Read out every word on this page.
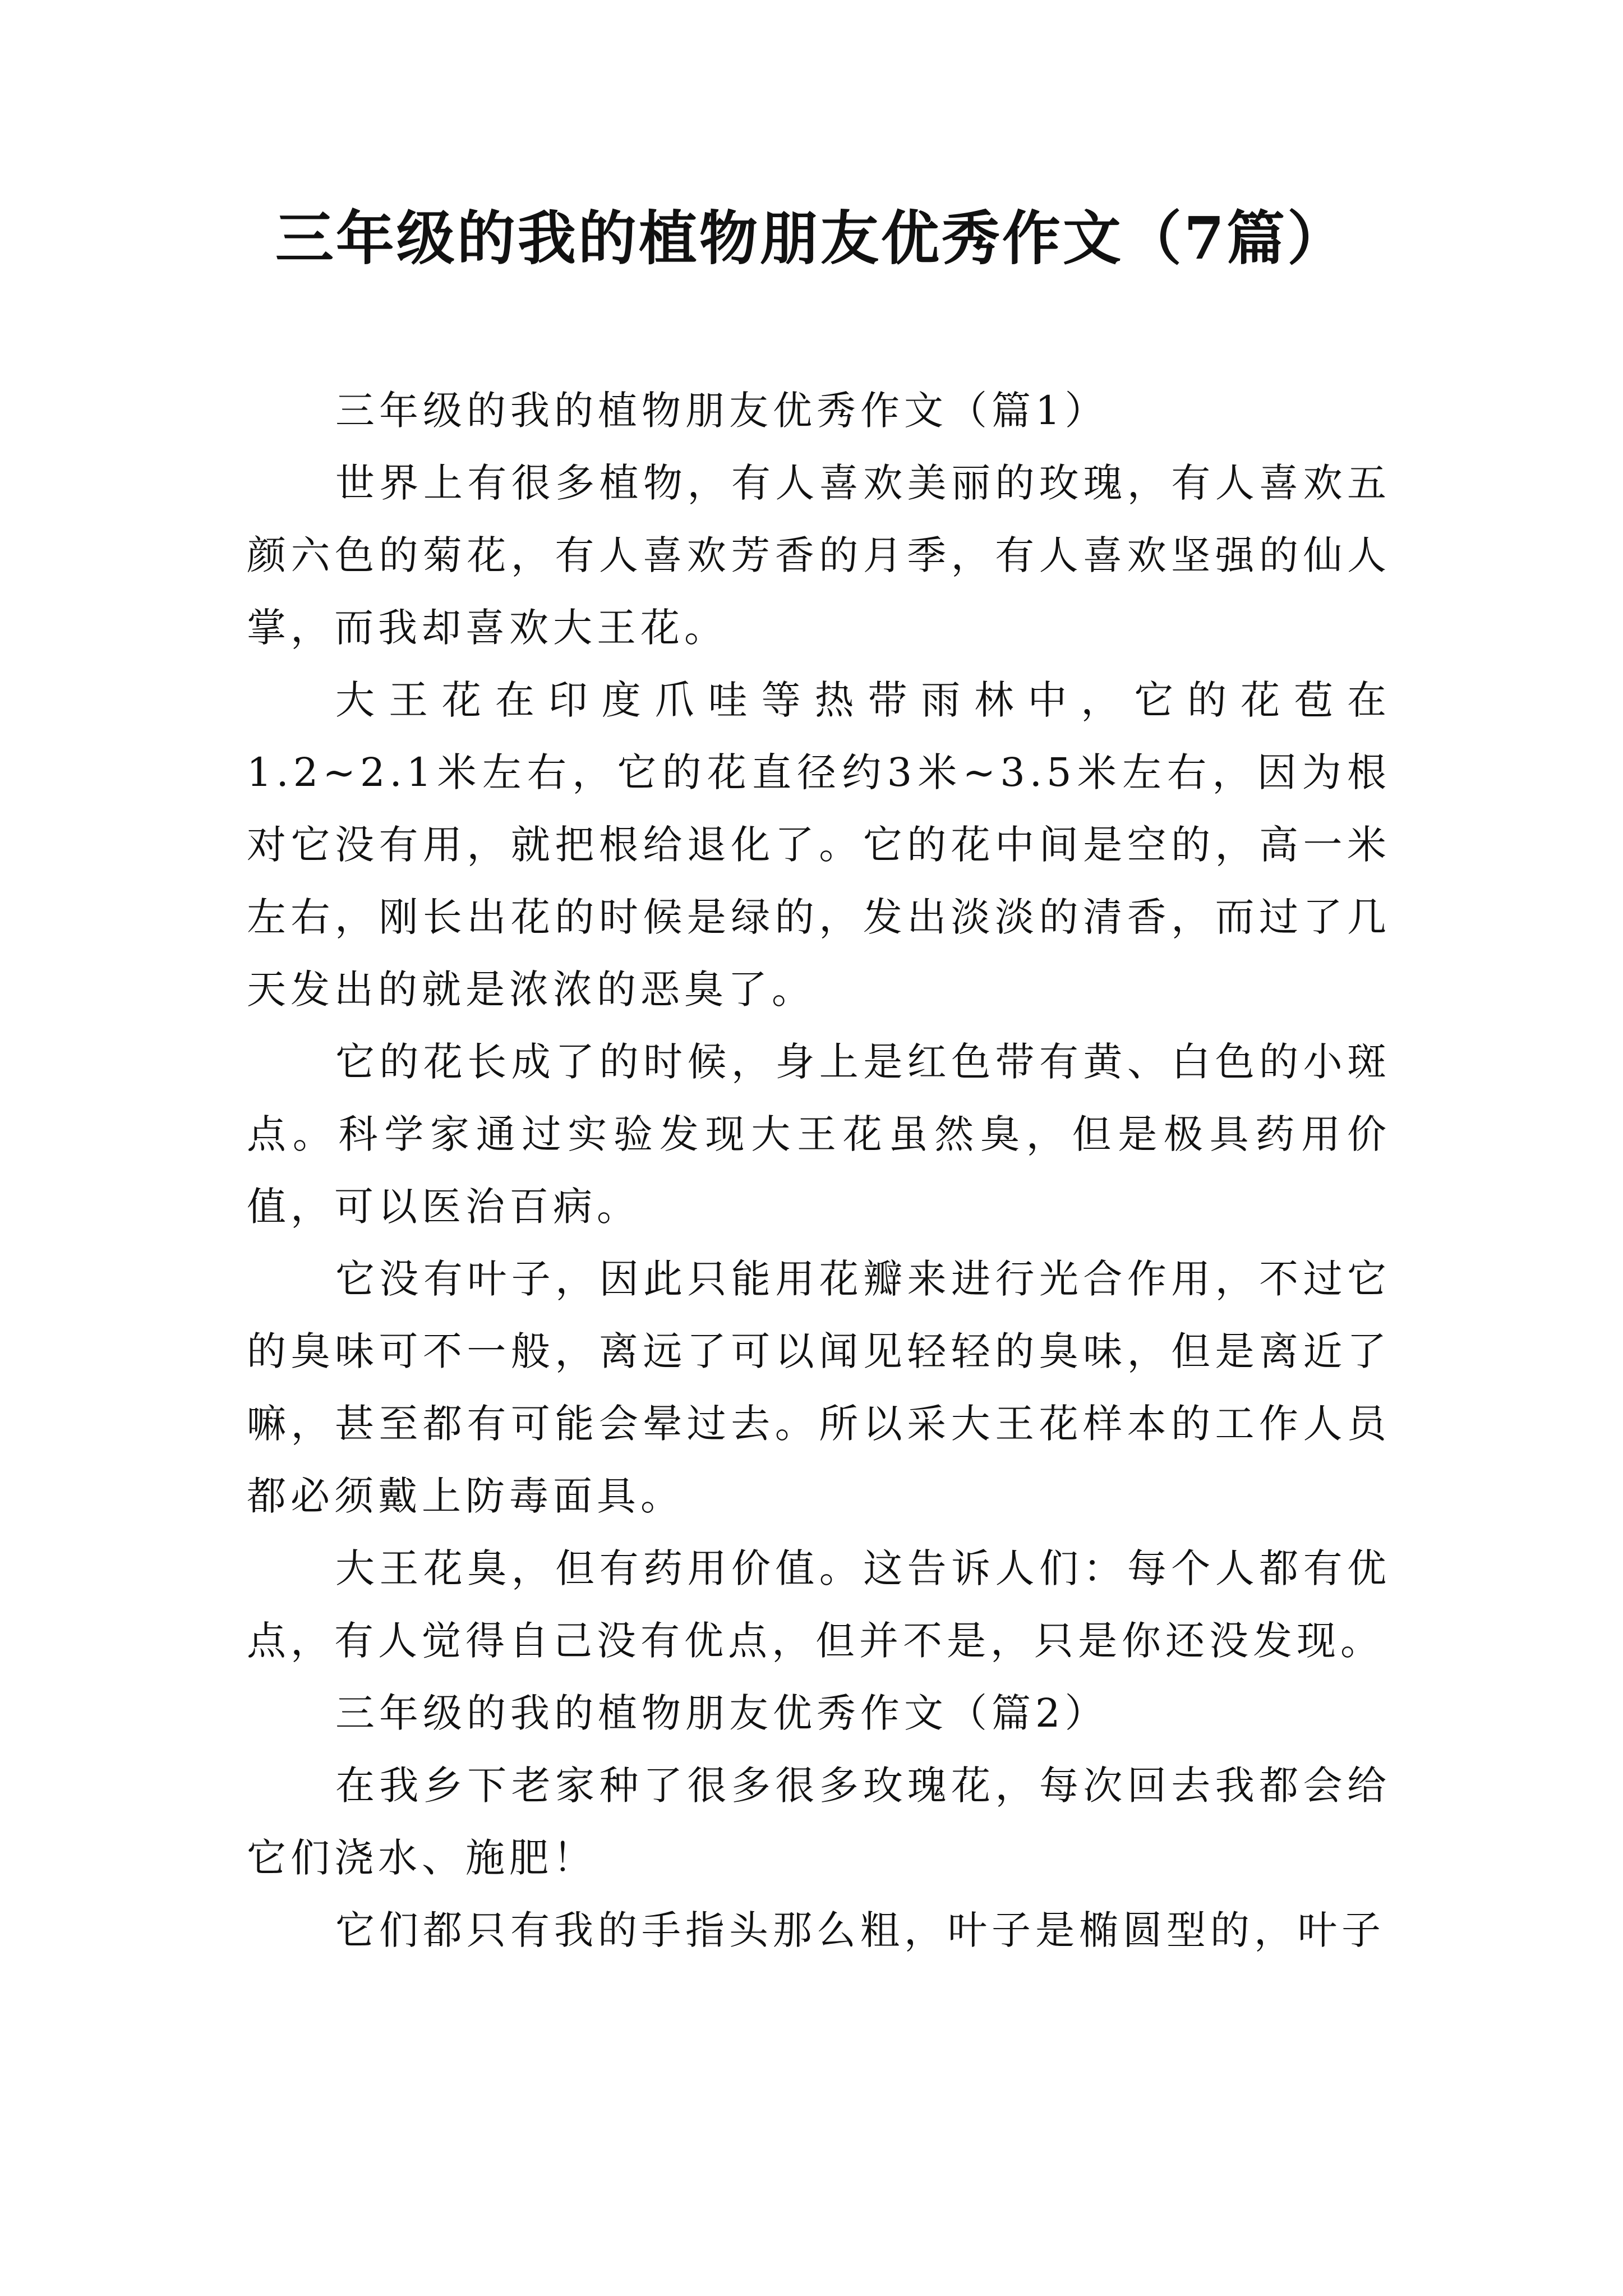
三年级的我的植物朋友优秀作文（7篇）

三年级的我的植物朋友优秀作文（篇1）

世界上有很多植物，有人喜欢美丽的玫瑰，有人喜欢五颜六色的菊花，有人喜欢芳香的月季，有人喜欢坚强的仙人掌，而我却喜欢大王花。

大王花在印度爪哇等热带雨林中，它的花苞在1.2~2.1米左右，它的花直径约3米~3.5米左右，因为根对它没有用，就把根给退化了。它的花中间是空的，高一米左右，刚长出花的时候是绿的，发出淡淡的清香，而过了几天发出的就是浓浓的恶臭了。

它的花长成了的时候，身上是红色带有黄、白色的小斑点。科学家通过实验发现大王花虽然臭，但是极具药用价值，可以医治百病。

它没有叶子，因此只能用花瓣来进行光合作用，不过它的臭味可不一般，离远了可以闻见轻轻的臭味，但是离近了嘛，甚至都有可能会晕过去。所以采大王花样本的工作人员都必须戴上防毒面具。

大王花臭，但有药用价值。这告诉人们：每个人都有优点，有人觉得自己没有优点，但并不是，只是你还没发现。

三年级的我的植物朋友优秀作文（篇2）

在我乡下老家种了很多很多玫瑰花，每次回去我都会给它们浇水、施肥！

它们都只有我的手指头那么粗，叶子是椭圆型的，叶子
